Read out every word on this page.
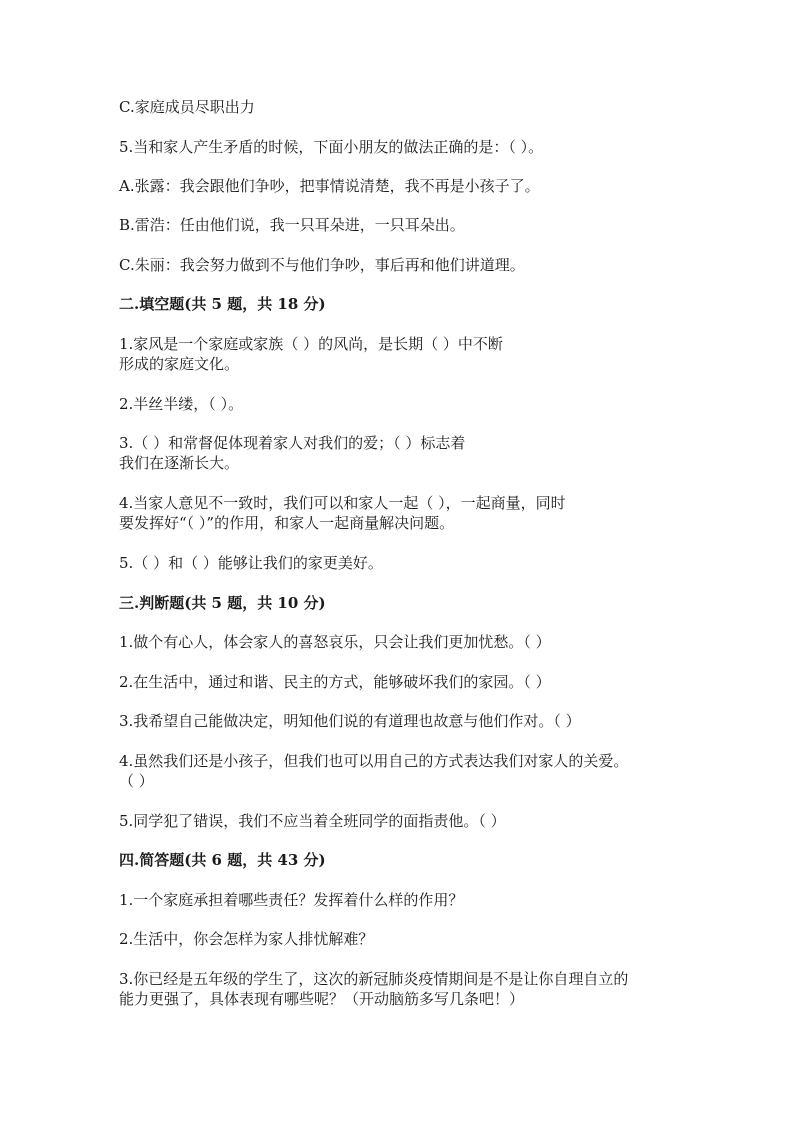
C.家庭成员尽职出力
5.当和家人产生矛盾的时候，下面小朋友的做法正确的是：（ ）。
A.张露：我会跟他们争吵，把事情说清楚，我不再是小孩子了。
B.雷浩：任由他们说，我一只耳朵进，一只耳朵出。
C.朱丽：我会努力做到不与他们争吵，事后再和他们讲道理。
二.填空题(共 5 题，共 18 分)
1.家风是一个家庭或家族（ ）的风尚，是长期（ ）中不断
形成的家庭文化。
2.半丝半缕，（ ）。
3.（ ）和常督促体现着家人对我们的爱；（ ）标志着
我们在逐渐长大。
4.当家人意见不一致时，我们可以和家人一起（ ），一起商量，同时
要发挥好“（ ）”的作用，和家人一起商量解决问题。
5.（ ）和（ ）能够让我们的家更美好。
三.判断题(共 5 题，共 10 分)
1.做个有心人，体会家人的喜怒哀乐，只会让我们更加忧愁。（ ）
2.在生活中，通过和谐、民主的方式，能够破坏我们的家园。（ ）
3.我希望自己能做决定，明知他们说的有道理也故意与他们作对。（ ）
4.虽然我们还是小孩子，但我们也可以用自己的方式表达我们对家人的关爱。
（ ）
5.同学犯了错误，我们不应当着全班同学的面指责他。（ ）
四.简答题(共 6 题，共 43 分)
1.一个家庭承担着哪些责任？发挥着什么样的作用？
2.生活中，你会怎样为家人排忧解难？
3.你已经是五年级的学生了，这次的新冠肺炎疫情期间是不是让你自理自立的
能力更强了，具体表现有哪些呢？（开动脑筋多写几条吧！）
